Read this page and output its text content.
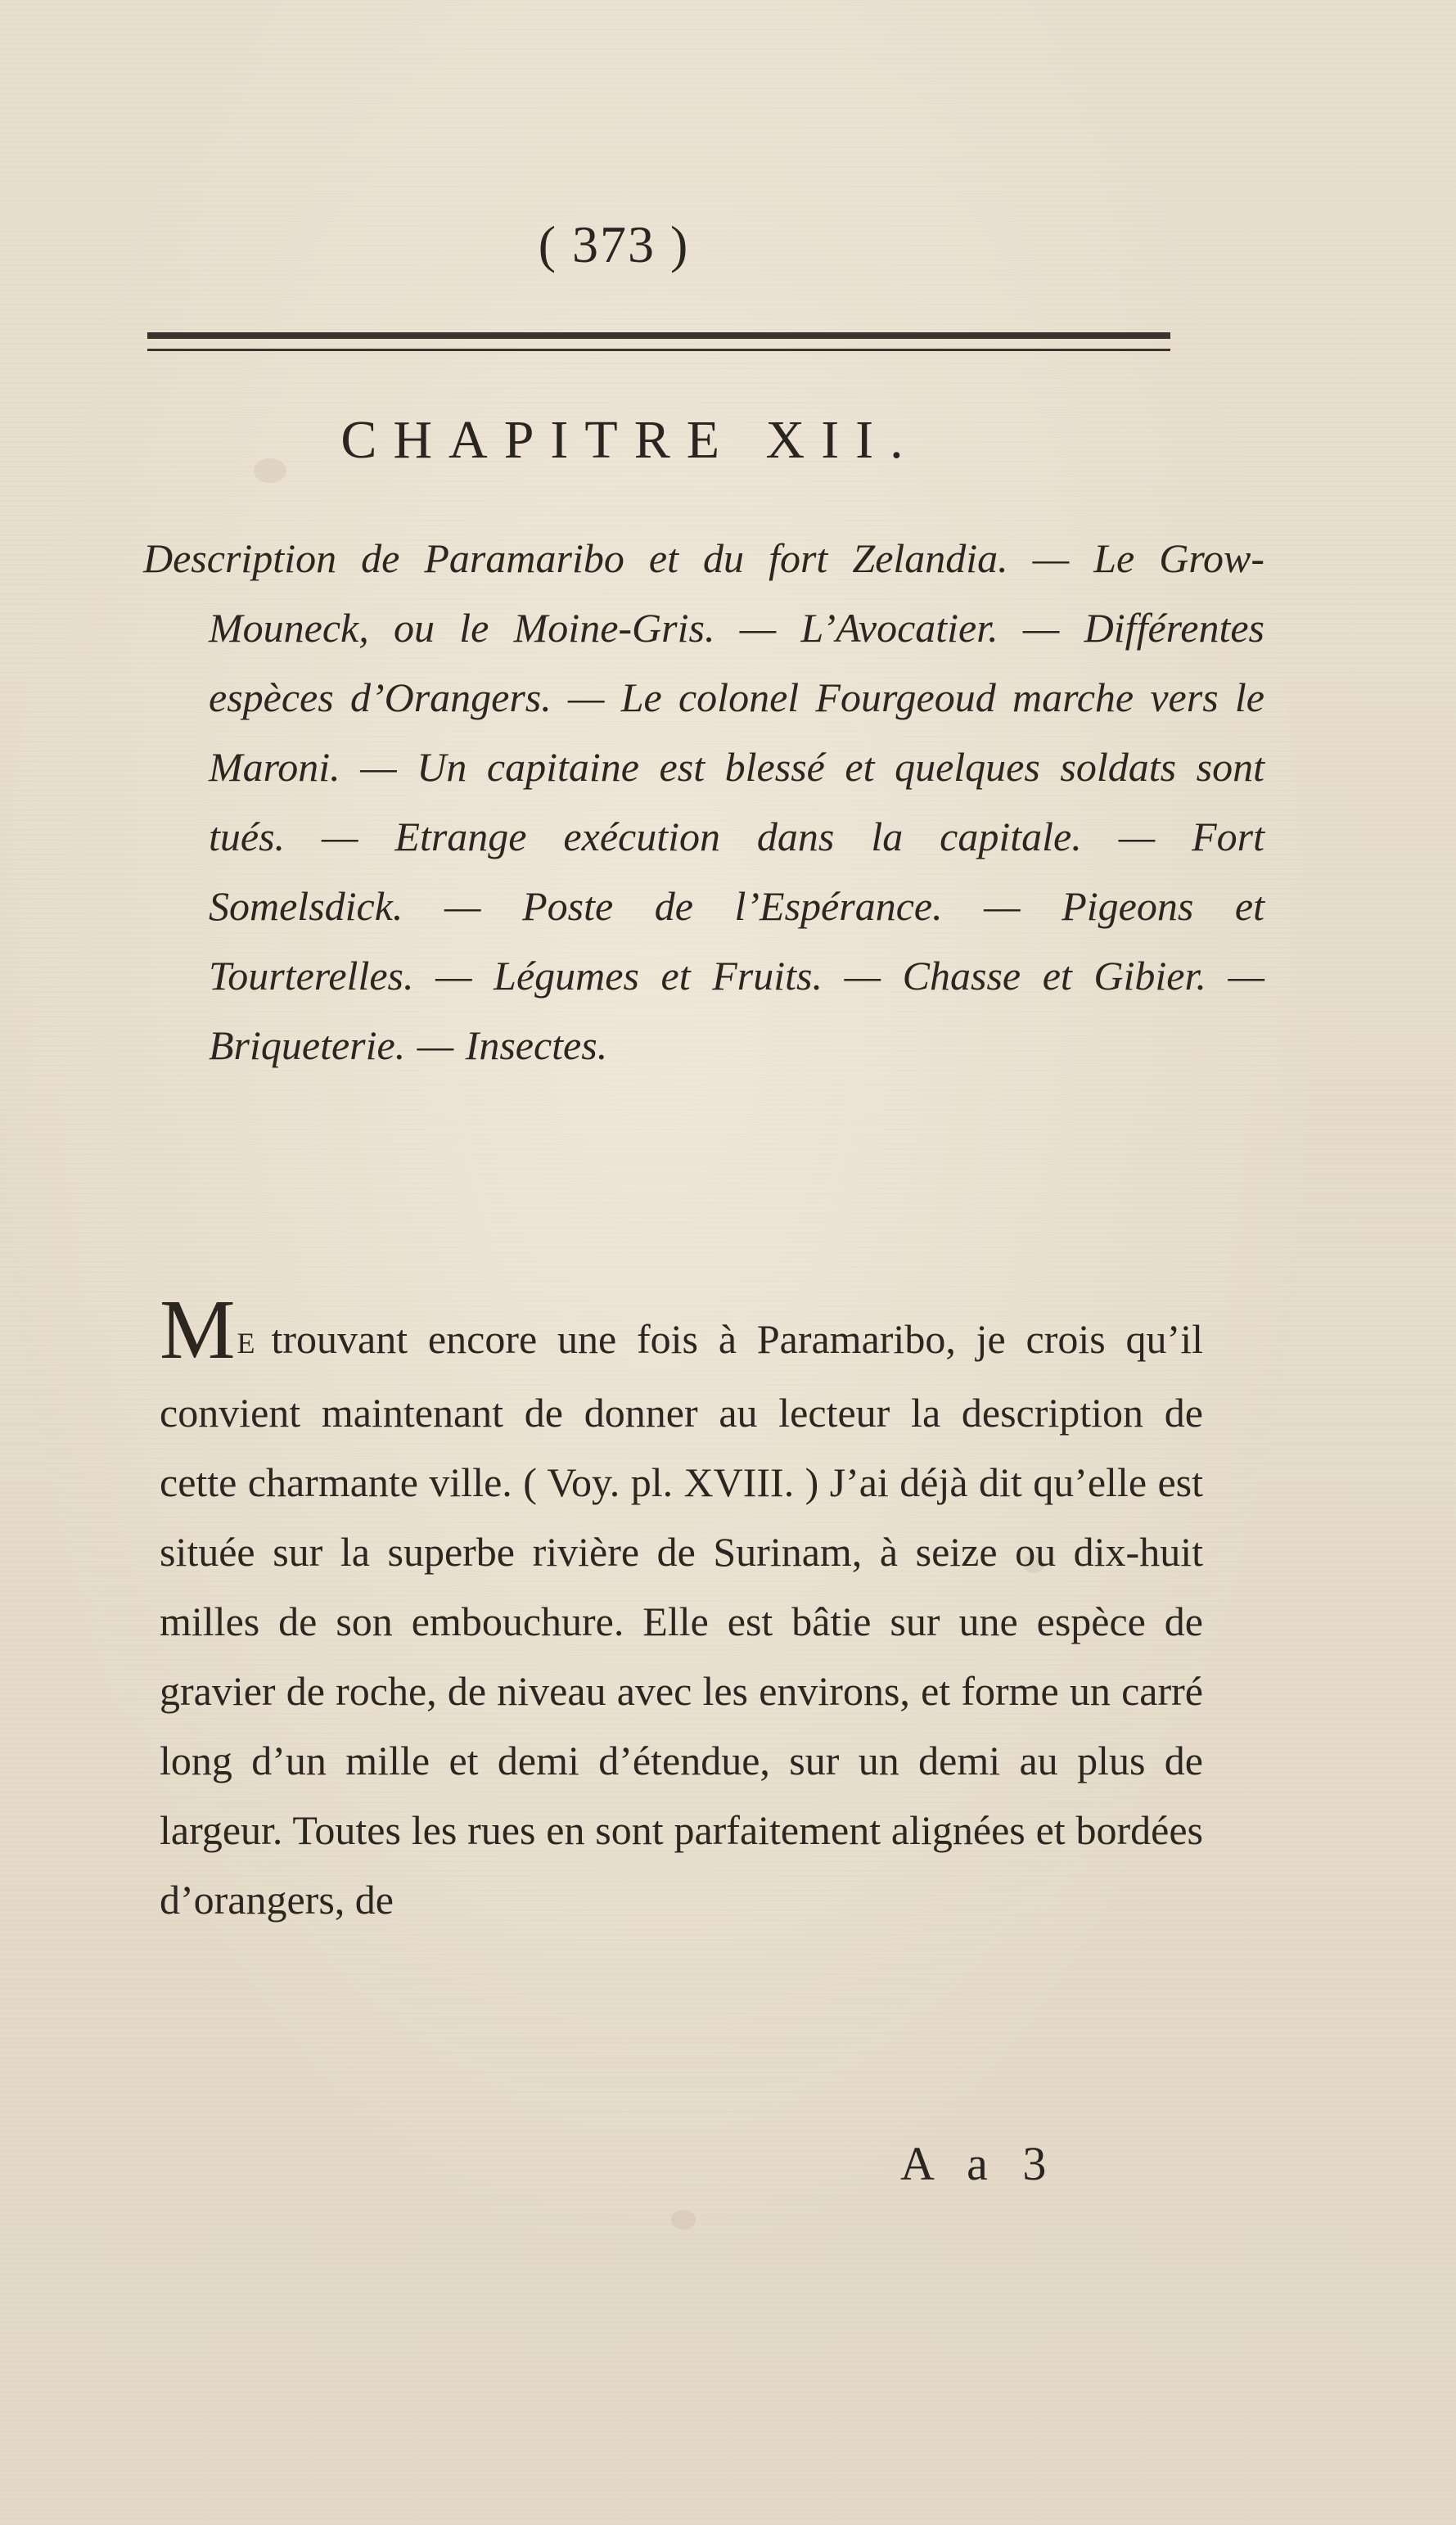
( 373 )
CHAPITRE XII.
Description de Paramaribo et du fort Zelandia. — Le Grow-Mouneck, ou le Moine-Gris. — L’Avocatier. — Différentes espèces d’Orangers. — Le colonel Fourgeoud marche vers le Maroni. — Un capitaine est blessé et quelques soldats sont tués. — Etrange exécution dans la capitale. — Fort Somelsdick. — Poste de l’Espérance. — Pigeons et Tourterelles. — Légumes et Fruits. — Chasse et Gibier. — Briqueterie. — Insectes.
ME trouvant encore une fois à Paramaribo, je crois qu’il convient maintenant de donner au lecteur la description de cette charmante ville. ( Voy. pl. XVIII. ) J’ai déjà dit qu’elle est située sur la superbe rivière de Surinam, à seize ou dix-huit milles de son embouchure. Elle est bâtie sur une espèce de gravier de roche, de niveau avec les environs, et forme un carré long d’un mille et demi d’étendue, sur un demi au plus de largeur. Toutes les rues en sont parfaitement alignées et bordées d’orangers, de
A a 3
